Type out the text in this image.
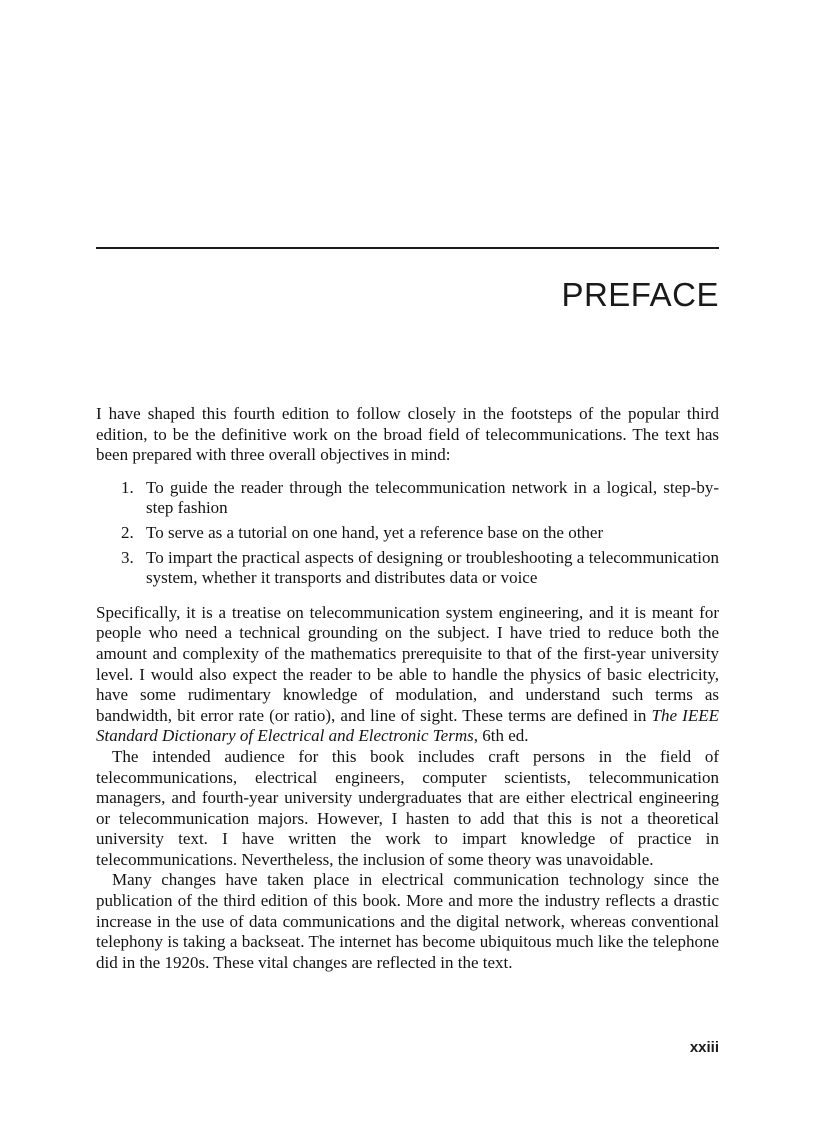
PREFACE

I have shaped this fourth edition to follow closely in the footsteps of the popular third edition, to be the definitive work on the broad field of telecommunications. The text has been prepared with three overall objectives in mind:

1. To guide the reader through the telecommunication network in a logical, step-by-step fashion
2. To serve as a tutorial on one hand, yet a reference base on the other
3. To impart the practical aspects of designing or troubleshooting a telecommunication system, whether it transports and distributes data or voice

Specifically, it is a treatise on telecommunication system engineering, and it is meant for people who need a technical grounding on the subject. I have tried to reduce both the amount and complexity of the mathematics prerequisite to that of the first-year university level. I would also expect the reader to be able to handle the physics of basic electricity, have some rudimentary knowledge of modulation, and understand such terms as bandwidth, bit error rate (or ratio), and line of sight. These terms are defined in The IEEE Standard Dictionary of Electrical and Electronic Terms, 6th ed.

The intended audience for this book includes craft persons in the field of telecommunications, electrical engineers, computer scientists, telecommunication managers, and fourth-year university undergraduates that are either electrical engineering or telecommunication majors. However, I hasten to add that this is not a theoretical university text. I have written the work to impart knowledge of practice in telecommunications. Nevertheless, the inclusion of some theory was unavoidable.

Many changes have taken place in electrical communication technology since the publication of the third edition of this book. More and more the industry reflects a drastic increase in the use of data communications and the digital network, whereas conventional telephony is taking a backseat. The internet has become ubiquitous much like the telephone did in the 1920s. These vital changes are reflected in the text.

xxiii
